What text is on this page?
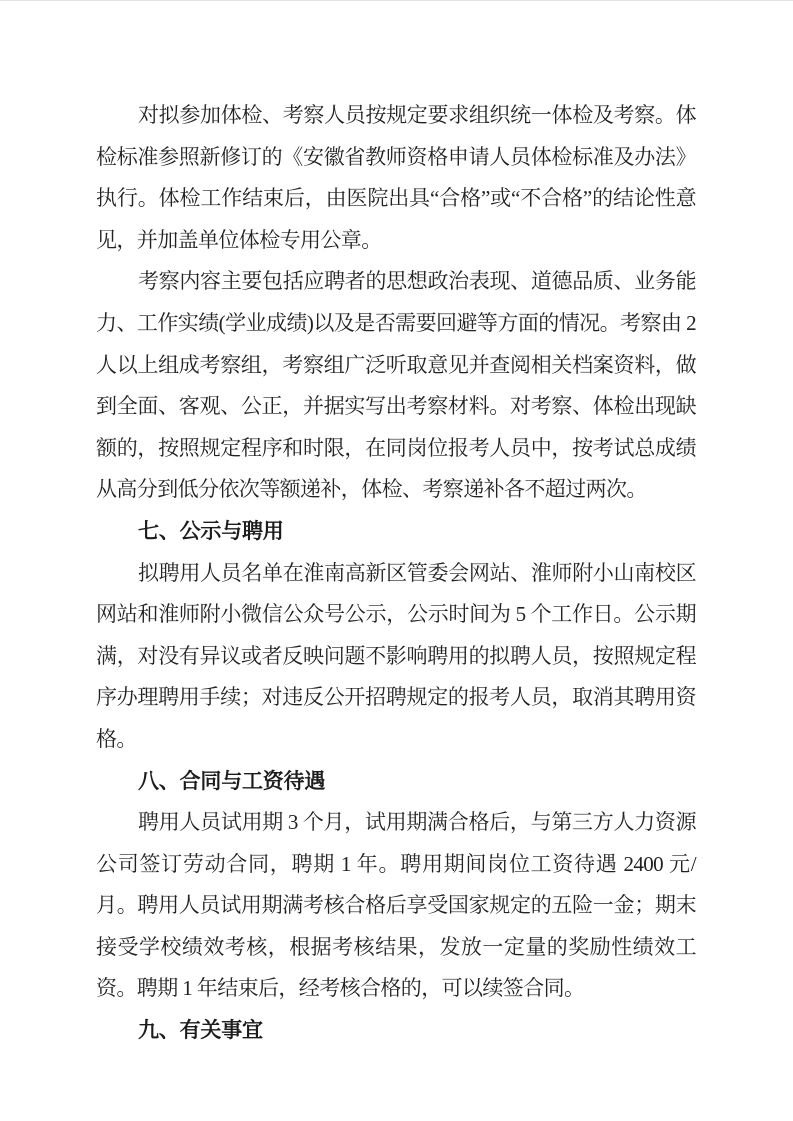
对拟参加体检、考察人员按规定要求组织统一体检及考察。体检标准参照新修订的《安徽省教师资格申请人员体检标准及办法》执行。体检工作结束后，由医院出具“合格”或“不合格”的结论性意见，并加盖单位体检专用公章。

考察内容主要包括应聘者的思想政治表现、道德品质、业务能力、工作实绩(学业成绩)以及是否需要回避等方面的情况。考察由 2 人以上组成考察组，考察组广泛听取意见并查阅相关档案资料，做到全面、客观、公正，并据实写出考察材料。对考察、体检出现缺额的，按照规定程序和时限，在同岗位报考人员中，按考试总成绩从高分到低分依次等额递补，体检、考察递补各不超过两次。

七、公示与聘用

拟聘用人员名单在淮南高新区管委会网站、淮师附小山南校区网站和淮师附小微信公众号公示，公示时间为 5 个工作日。公示期满，对没有异议或者反映问题不影响聘用的拟聘人员，按照规定程序办理聘用手续；对违反公开招聘规定的报考人员，取消其聘用资格。

八、合同与工资待遇

聘用人员试用期 3 个月，试用期满合格后，与第三方人力资源公司签订劳动合同，聘期 1 年。聘用期间岗位工资待遇 2400 元/月。聘用人员试用期满考核合格后享受国家规定的五险一金；期末接受学校绩效考核，根据考核结果，发放一定量的奖励性绩效工资。聘期 1 年结束后，经考核合格的，可以续签合同。

九、有关事宜
